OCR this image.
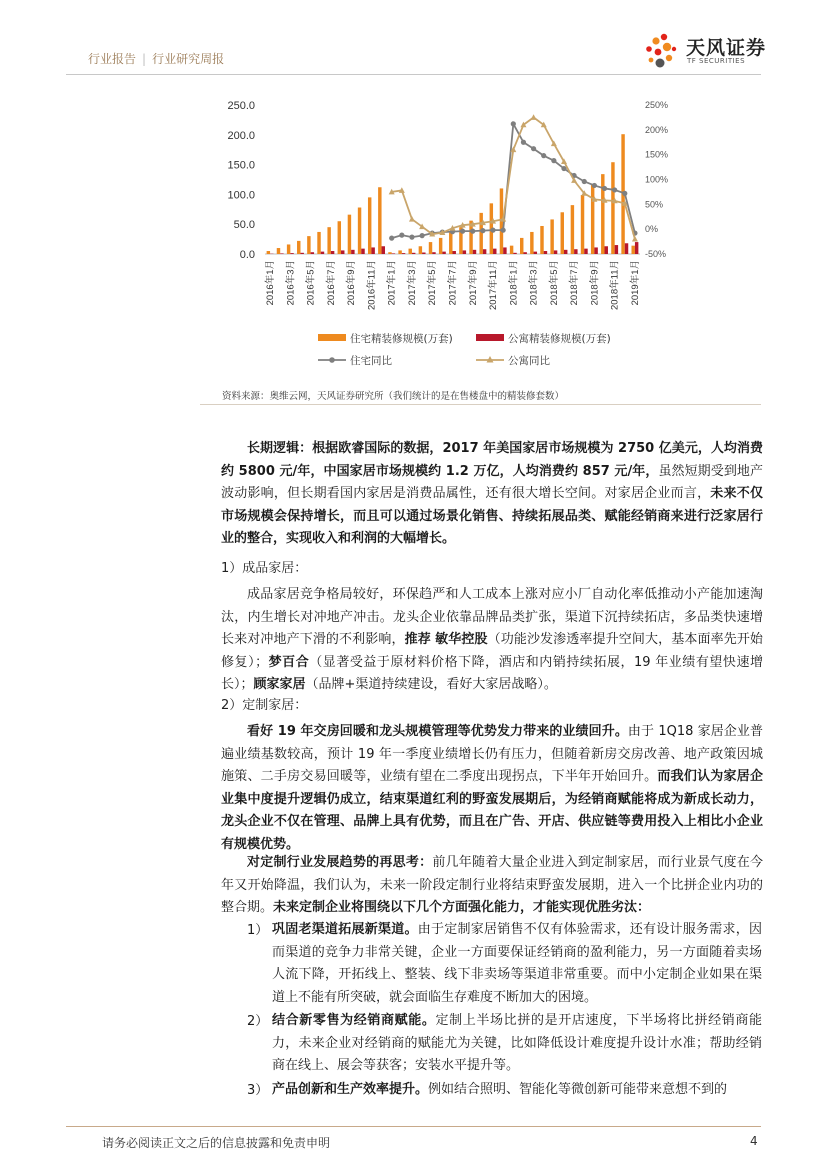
行业报告 | 行业研究周报	天风证券
TF SECURITIES
0.0
50.0
100.0
150.0
200.0
250.0
-50%
0%
50%
100%
150%
200%
250%
2016年1月 2016年3月 2016年5月 2016年7月 2016年9月 2016年11月 2017年1月 2017年3月 2017年5月 2017年7月 2017年9月 2017年11月 2018年1月 2018年3月 2018年5月 2018年7月 2018年9月 2018年11月 2019年1月
住宅精装修规模(万套)	公寓精装修规模(万套)
住宅同比	公寓同比
资料来源：奥维云网，天风证券研究所（我们统计的是在售楼盘中的精装修套数）
长期逻辑：根据欧睿国际的数据，2017 年美国家居市场规模为 2750 亿美元，人均消费约 5800 元/年，中国家居市场规模约 1.2 万亿，人均消费约 857 元/年，虽然短期受到地产波动影响，但长期看国内家居是消费品属性，还有很大增长空间。对家居企业而言，未来不仅市场规模会保持增长，而且可以通过场景化销售、持续拓展品类、赋能经销商来进行泛家居行业的整合，实现收入和利润的大幅增长。
1）成品家居：
成品家居竞争格局较好，环保趋严和人工成本上涨对应小厂自动化率低推动小产能加速淘汰，内生增长对冲地产冲击。龙头企业依靠品牌品类扩张，渠道下沉持续拓店，多品类快速增长来对冲地产下滑的不利影响，推荐 敏华控股（功能沙发渗透率提升空间大，基本面率先开始修复）；梦百合（显著受益于原材料价格下降，酒店和内销持续拓展，19 年业绩有望快速增长）；顾家家居（品牌+渠道持续建设，看好大家居战略）。
2）定制家居：
看好 19 年交房回暖和龙头规模管理等优势发力带来的业绩回升。由于 1Q18 家居企业普遍业绩基数较高，预计 19 年一季度业绩增长仍有压力，但随着新房交房改善、地产政策因城施策、二手房交易回暖等，业绩有望在二季度出现拐点，下半年开始回升。而我们认为家居企业集中度提升逻辑仍成立，结束渠道红利的野蛮发展期后，为经销商赋能将成为新成长动力，龙头企业不仅在管理、品牌上具有优势，而且在广告、开店、供应链等费用投入上相比小企业有规模优势。
对定制行业发展趋势的再思考：前几年随着大量企业进入到定制家居，而行业景气度在今年又开始降温，我们认为，未来一阶段定制行业将结束野蛮发展期，进入一个比拼企业内功的整合期。未来定制企业将围绕以下几个方面强化能力，才能实现优胜劣汰：
1） 巩固老渠道拓展新渠道。由于定制家居销售不仅有体验需求，还有设计服务需求，因而渠道的竞争力非常关键，企业一方面要保证经销商的盈利能力，另一方面随着卖场人流下降，开拓线上、整装、线下非卖场等渠道非常重要。而中小定制企业如果在渠道上不能有所突破，就会面临生存难度不断加大的困境。
2） 结合新零售为经销商赋能。定制上半场比拼的是开店速度，下半场将比拼经销商能力，未来企业对经销商的赋能尤为关键，比如降低设计难度提升设计水准；帮助经销商在线上、展会等获客；安装水平提升等。
3） 产品创新和生产效率提升。例如结合照明、智能化等微创新可能带来意想不到的
请务必阅读正文之后的信息披露和免责申明	4
